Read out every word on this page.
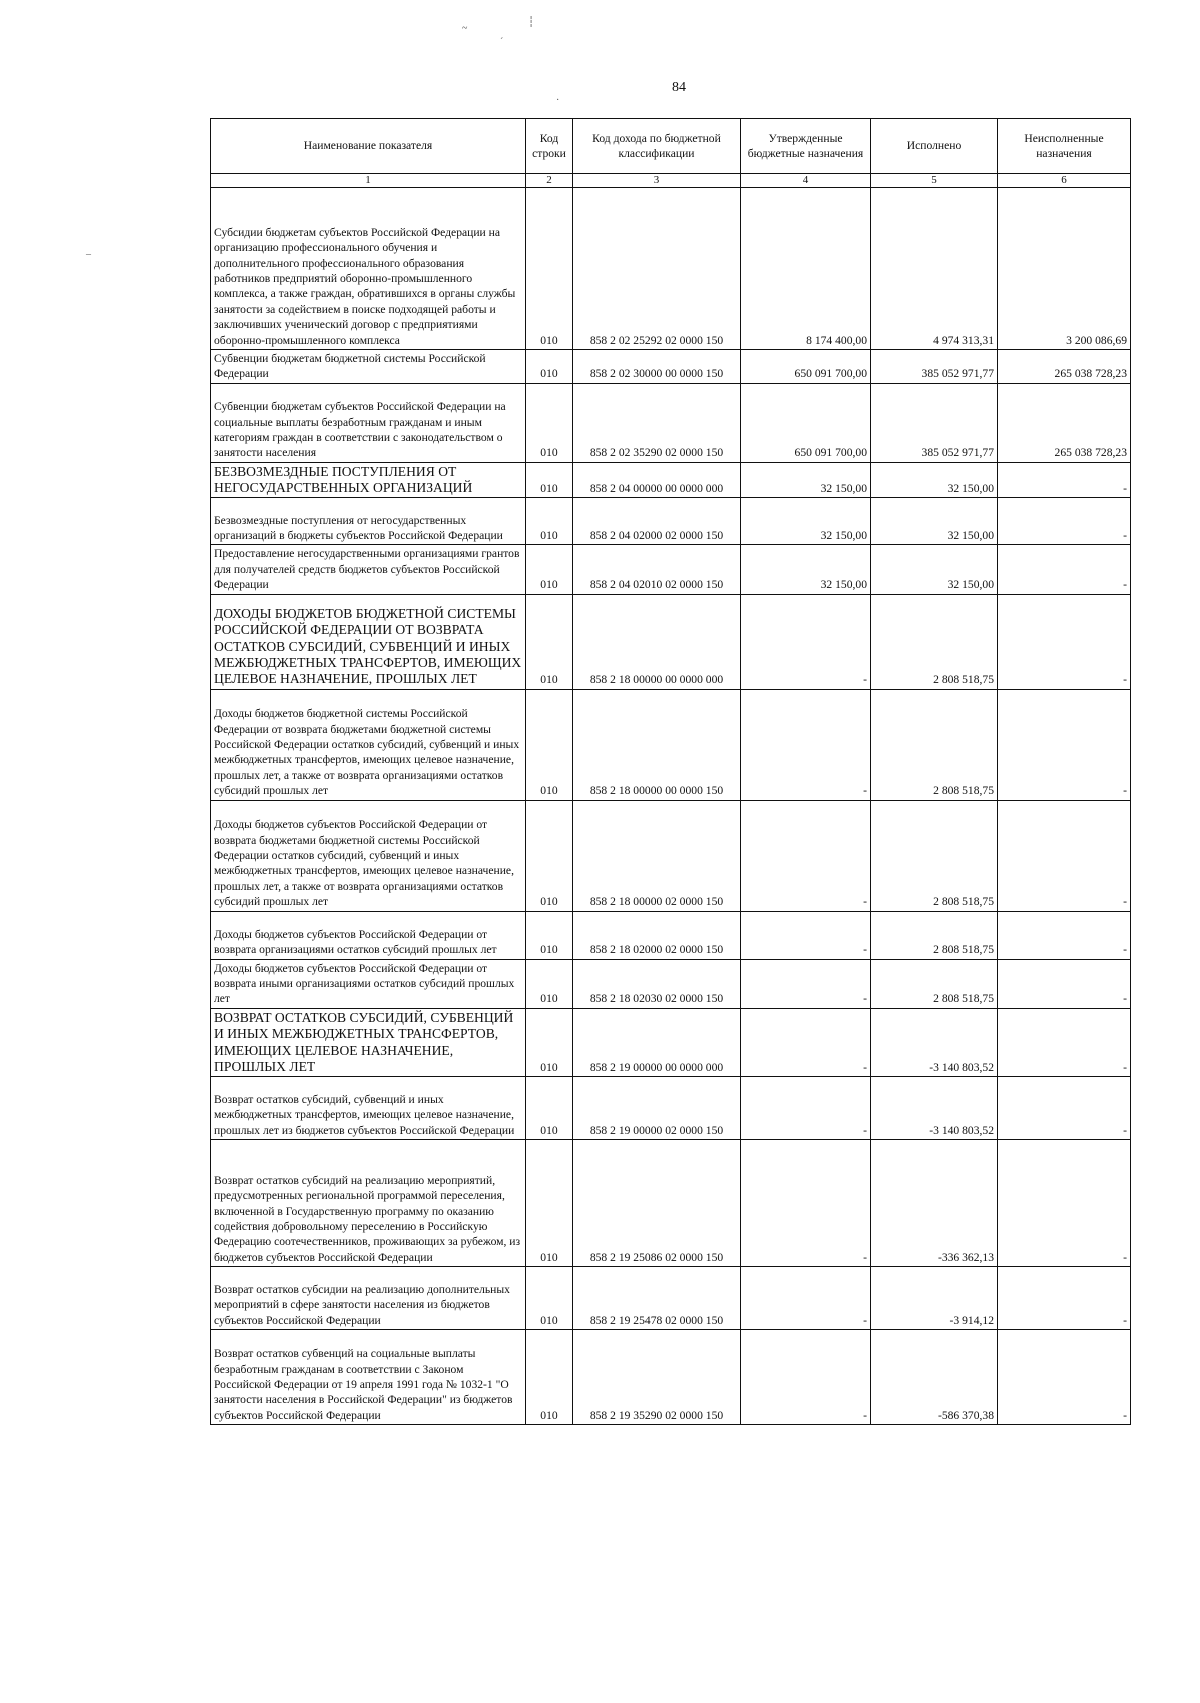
~
┆
ˊ
·
–
84
Наименование показателя	Код строки	Код дохода по бюджетной классификации	Утвержденные бюджетные назначения	Исполнено	Неисполненные назначения
1	2	3	4	5	6
Субсидии бюджетам субъектов Российской Федерации на организацию профессионального обучения и дополнительного профессионального образования работников предприятий оборонно-промышленного комплекса, а также граждан, обратившихся в органы службы занятости за содействием в поиске подходящей работы и заключивших ученический договор с предприятиями оборонно-промышленного комплекса	010	858 2 02 25292 02 0000 150	8 174 400,00	4 974 313,31	3 200 086,69
Субвенции бюджетам бюджетной системы Российской Федерации	010	858 2 02 30000 00 0000 150	650 091 700,00	385 052 971,77	265 038 728,23
Субвенции бюджетам субъектов Российской Федерации на социальные выплаты безработным гражданам и иным категориям граждан в соответствии с законодательством о занятости населения	010	858 2 02 35290 02 0000 150	650 091 700,00	385 052 971,77	265 038 728,23
БЕЗВОЗМЕЗДНЫЕ ПОСТУПЛЕНИЯ ОТ НЕГОСУДАРСТВЕННЫХ ОРГАНИЗАЦИЙ	010	858 2 04 00000 00 0000 000	32 150,00	32 150,00	-
Безвозмездные поступления от негосударственных организаций в бюджеты субъектов Российской Федерации	010	858 2 04 02000 02 0000 150	32 150,00	32 150,00	-
Предоставление негосударственными организациями грантов для получателей средств бюджетов субъектов Российской Федерации	010	858 2 04 02010 02 0000 150	32 150,00	32 150,00	-
ДОХОДЫ БЮДЖЕТОВ БЮДЖЕТНОЙ СИСТЕМЫ РОССИЙСКОЙ ФЕДЕРАЦИИ ОТ ВОЗВРАТА ОСТАТКОВ СУБСИДИЙ, СУБВЕНЦИЙ И ИНЫХ МЕЖБЮДЖЕТНЫХ ТРАНСФЕРТОВ, ИМЕЮЩИХ ЦЕЛЕВОЕ НАЗНАЧЕНИЕ, ПРОШЛЫХ ЛЕТ	010	858 2 18 00000 00 0000 000	-	2 808 518,75	-
Доходы бюджетов бюджетной системы Российской Федерации от возврата бюджетами бюджетной системы Российской Федерации остатков субсидий, субвенций и иных межбюджетных трансфертов, имеющих целевое назначение, прошлых лет, а также от возврата организациями остатков субсидий прошлых лет	010	858 2 18 00000 00 0000 150	-	2 808 518,75	-
Доходы бюджетов субъектов Российской Федерации от возврата бюджетами бюджетной системы Российской Федерации остатков субсидий, субвенций и иных межбюджетных трансфертов, имеющих целевое назначение, прошлых лет, а также от возврата организациями остатков субсидий прошлых лет	010	858 2 18 00000 02 0000 150	-	2 808 518,75	-
Доходы бюджетов субъектов Российской Федерации от возврата организациями остатков субсидий прошлых лет	010	858 2 18 02000 02 0000 150	-	2 808 518,75	-
Доходы бюджетов субъектов Российской Федерации от возврата иными организациями остатков субсидий прошлых лет	010	858 2 18 02030 02 0000 150	-	2 808 518,75	-
ВОЗВРАТ ОСТАТКОВ СУБСИДИЙ, СУБВЕНЦИЙ И ИНЫХ МЕЖБЮДЖЕТНЫХ ТРАНСФЕРТОВ, ИМЕЮЩИХ ЦЕЛЕВОЕ НАЗНАЧЕНИЕ, ПРОШЛЫХ ЛЕТ	010	858 2 19 00000 00 0000 000	-	-3 140 803,52	-
Возврат остатков субсидий, субвенций и иных межбюджетных трансфертов, имеющих целевое назначение, прошлых лет из бюджетов субъектов Российской Федерации	010	858 2 19 00000 02 0000 150	-	-3 140 803,52	-
Возврат остатков субсидий на реализацию мероприятий, предусмотренных региональной программой переселения, включенной в Государственную программу по оказанию содействия добровольному переселению в Российскую Федерацию соотечественников, проживающих за рубежом, из бюджетов субъектов Российской Федерации	010	858 2 19 25086 02 0000 150	-	-336 362,13	-
Возврат остатков субсидии на реализацию дополнительных мероприятий в сфере занятости населения из бюджетов субъектов Российской Федерации	010	858 2 19 25478 02 0000 150	-	-3 914,12	-
Возврат остатков субвенций на социальные выплаты безработным гражданам в соответствии с Законом Российской Федерации от 19 апреля 1991 года № 1032-1 "О занятости населения в Российской Федерации" из бюджетов субъектов Российской Федерации	010	858 2 19 35290 02 0000 150	-	-586 370,38	-
